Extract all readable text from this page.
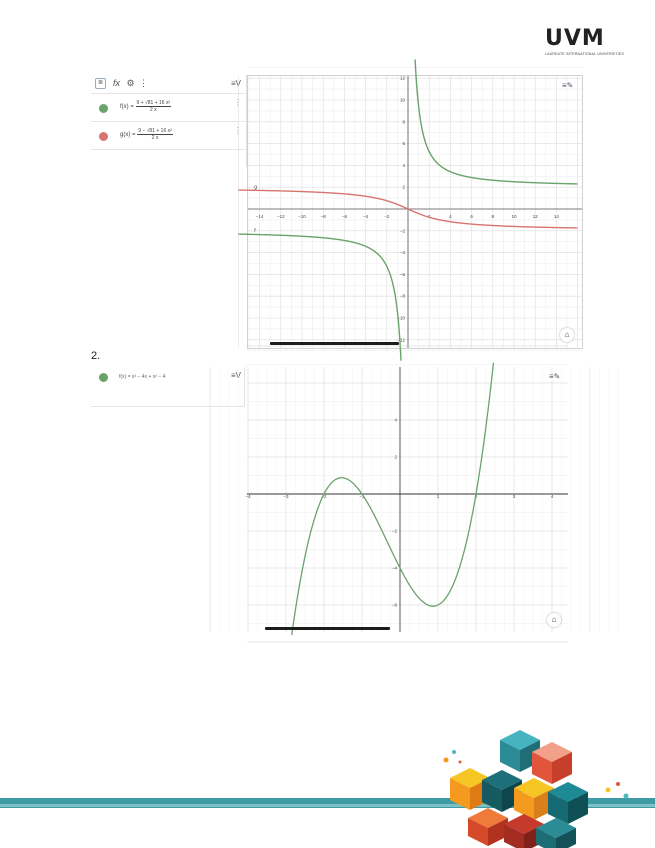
UVM
LAUREATE INTERNATIONAL UNIVERSITIES
≣	fx ⚙ ⋮	≡V
$f(x) = \frac{\text{9 + √81 + 16 x²}}{2 x}$	⋮
$g(x) = \frac{\text{9 − √81 + 16 x²}}{2 x}$	⋮
−14	−12	−10	−8	−6	−4	−2	2	4	6	8	10	12	14
12
10
8
6
4
2
−2
−4
−6
−8
−10
−12
g
f
≡✎
⌂
2.
f(x) = x³ − 4x + x² − 4	≡V
−4	−3	−2	−1	1	2	3	4
4
2
−2
−4
−6
≡✎
⌂
